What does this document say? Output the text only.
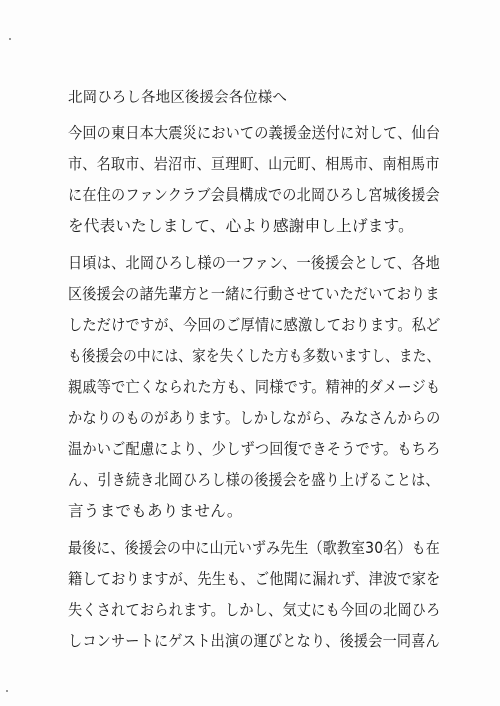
北岡ひろし各地区後援会各位様へ
今回の東日本大震災においての義援金送付に対して、仙台
市、名取市、岩沼市、亘理町、山元町、相馬市、南相馬市
に在住のファンクラブ会員構成での北岡ひろし宮城後援会
を代表いたしまして、心より感謝申し上げます。
日頃は、北岡ひろし様の一ファン、一後援会として、各地
区後援会の諸先輩方と一緒に行動させていただいておりま
しただけですが、今回のご厚情に感激しております。私ど
も後援会の中には、家を失くした方も多数いますし、また、
親戚等で亡くなられた方も、同様です。精神的ダメージも
かなりのものがあります。しかしながら、みなさんからの
温かいご配慮により、少しずつ回復できそうです。もちろ
ん、引き続き北岡ひろし様の後援会を盛り上げることは、
言うまでもありません。
最後に、後援会の中に山元いずみ先生（歌教室30名）も在
籍しておりますが、先生も、ご他聞に漏れず、津波で家を
失くされておられます。しかし、気丈にも今回の北岡ひろ
しコンサートにゲスト出演の運びとなり、後援会一同喜ん
